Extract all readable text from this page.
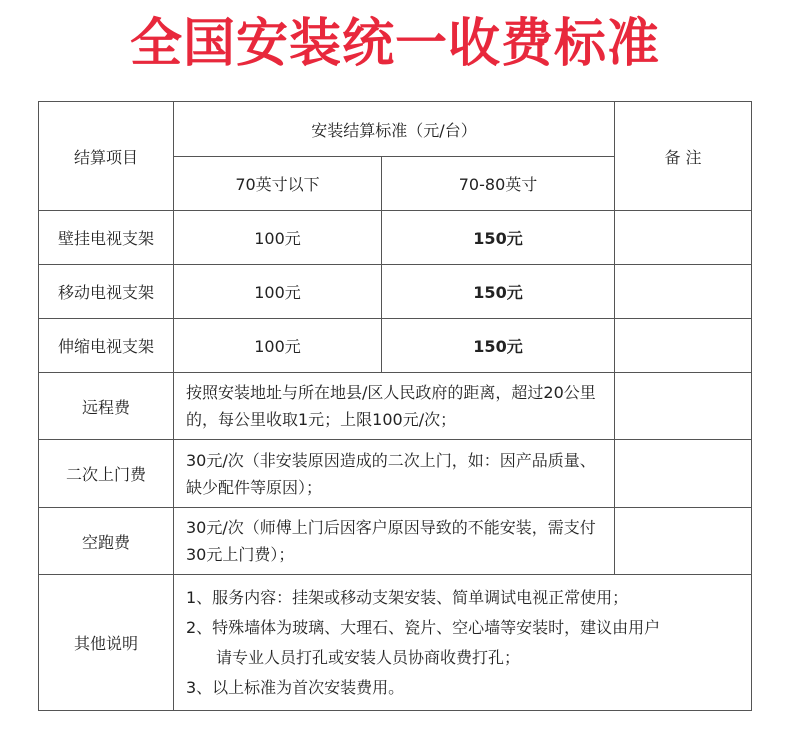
全国安装统一收费标准
结算项目	安装结算标准（元/台）		备 注
	70英寸以下	70-80英寸	
壁挂电视支架	100元	150元	
移动电视支架	100元	150元	
伸缩电视支架	100元	150元	
远程费	按照安装地址与所在地县/区人民政府的距离，超过20公里的，每公里收取1元；上限100元/次；		
二次上门费	30元/次（非安装原因造成的二次上门，如：因产品质量、缺少配件等原因）；		
空跑费	30元/次（师傅上门后因客户原因导致的不能安装，需支付30元上门费）；		
其他说明	1、服务内容：挂架或移动支架安装、简单调试电视正常使用；
2、特殊墙体为玻璃、大理石、瓷片、空心墙等安装时，建议由用户
请专业人员打孔或安装人员协商收费打孔；
3、以上标准为首次安装费用。		
